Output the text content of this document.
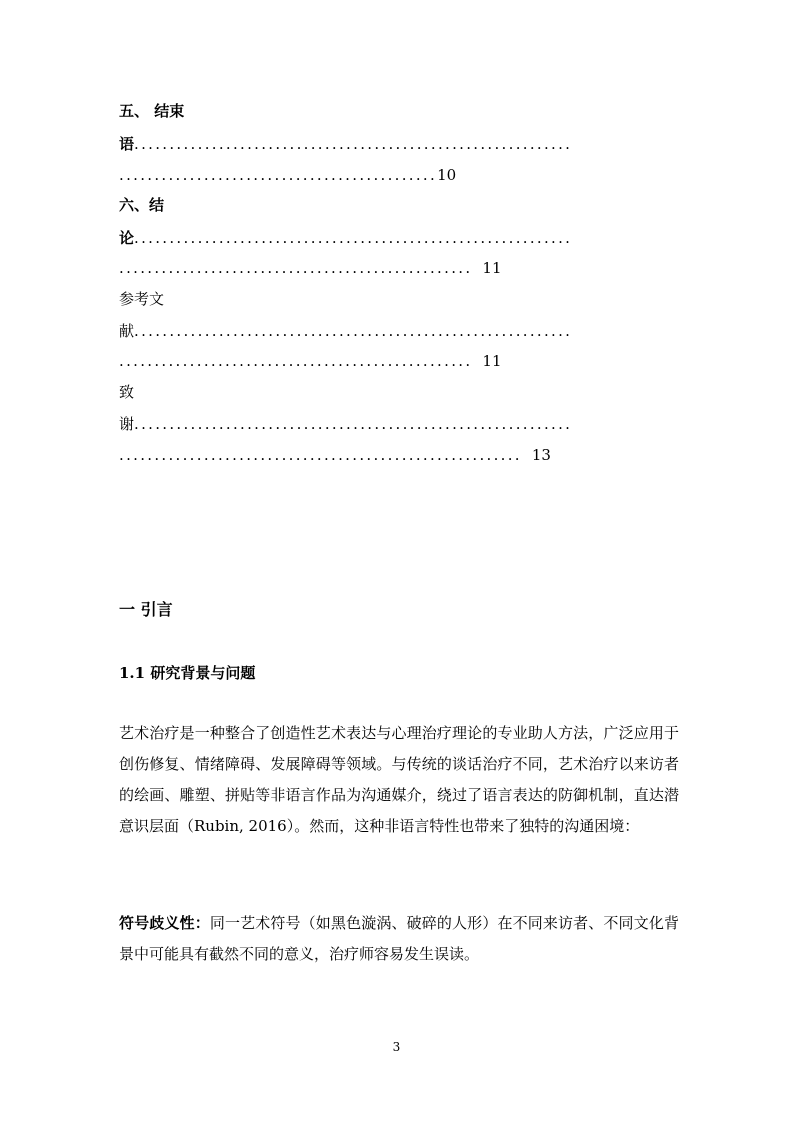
五、 结束
语..............................................................
.............................................10
六、结
论..............................................................
.................................................. 11
参考文
献..............................................................
.................................................. 11
致
谢..............................................................
......................................................... 13
一 引言
1.1 研究背景与问题
艺术治疗是一种整合了创造性艺术表达与心理治疗理论的专业助人方法，广泛应用于创伤修复、情绪障碍、发展障碍等领域。与传统的谈话治疗不同，艺术治疗以来访者的绘画、雕塑、拼贴等非语言作品为沟通媒介，绕过了语言表达的防御机制，直达潜意识层面（Rubin, 2016）。然而，这种非语言特性也带来了独特的沟通困境：
符号歧义性：同一艺术符号（如黑色漩涡、破碎的人形）在不同来访者、不同文化背景中可能具有截然不同的意义，治疗师容易发生误读。
3
